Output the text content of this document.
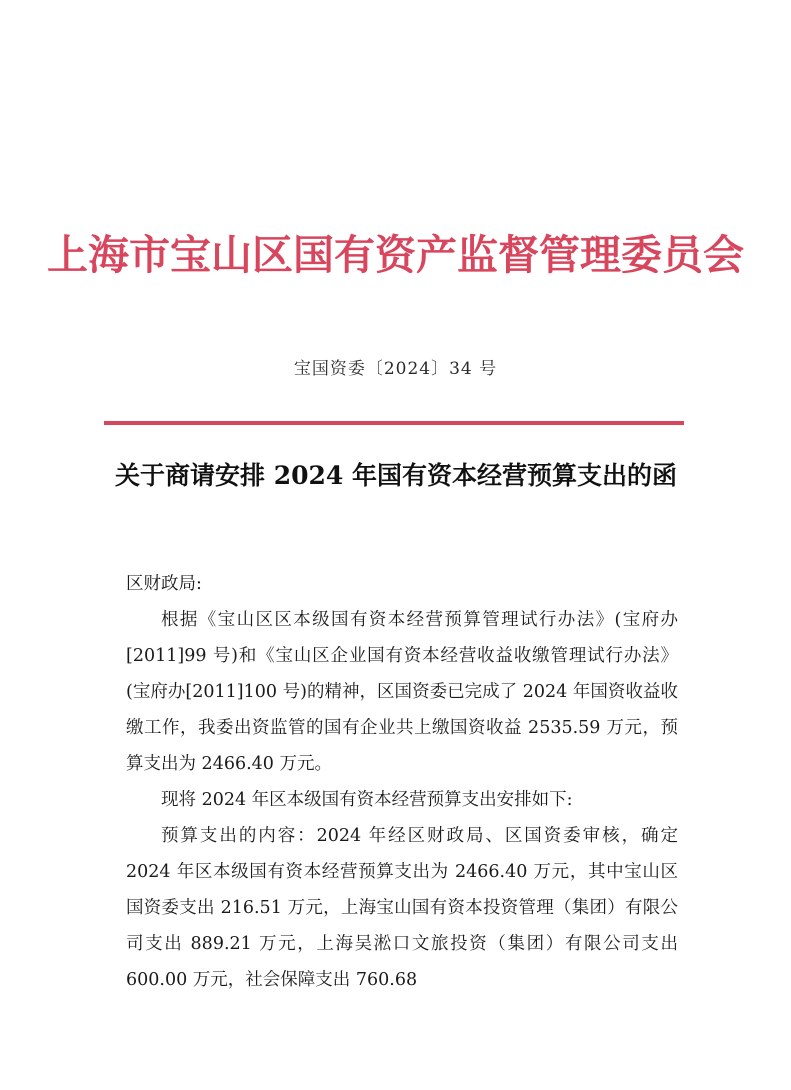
上海市宝山区国有资产监督管理委员会
宝国资委〔2024〕34 号
关于商请安排 2024 年国有资本经营预算支出的函

区财政局:

根据《宝山区区本级国有资本经营预算管理试行办法》(宝府办[2011]99 号)和《宝山区企业国有资本经营收益收缴管理试行办法》(宝府办[2011]100 号)的精神，区国资委已完成了 2024 年国资收益收缴工作，我委出资监管的国有企业共上缴国资收益 2535.59 万元，预算支出为 2466.40 万元。

现将 2024 年区本级国有资本经营预算支出安排如下:

预算支出的内容：2024 年经区财政局、区国资委审核，确定 2024 年区本级国有资本经营预算支出为 2466.40 万元，其中宝山区国资委支出 216.51 万元，上海宝山国有资本投资管理（集团）有限公司支出 889.21 万元，上海吴淞口文旅投资（集团）有限公司支出 600.00 万元，社会保障支出 760.68
